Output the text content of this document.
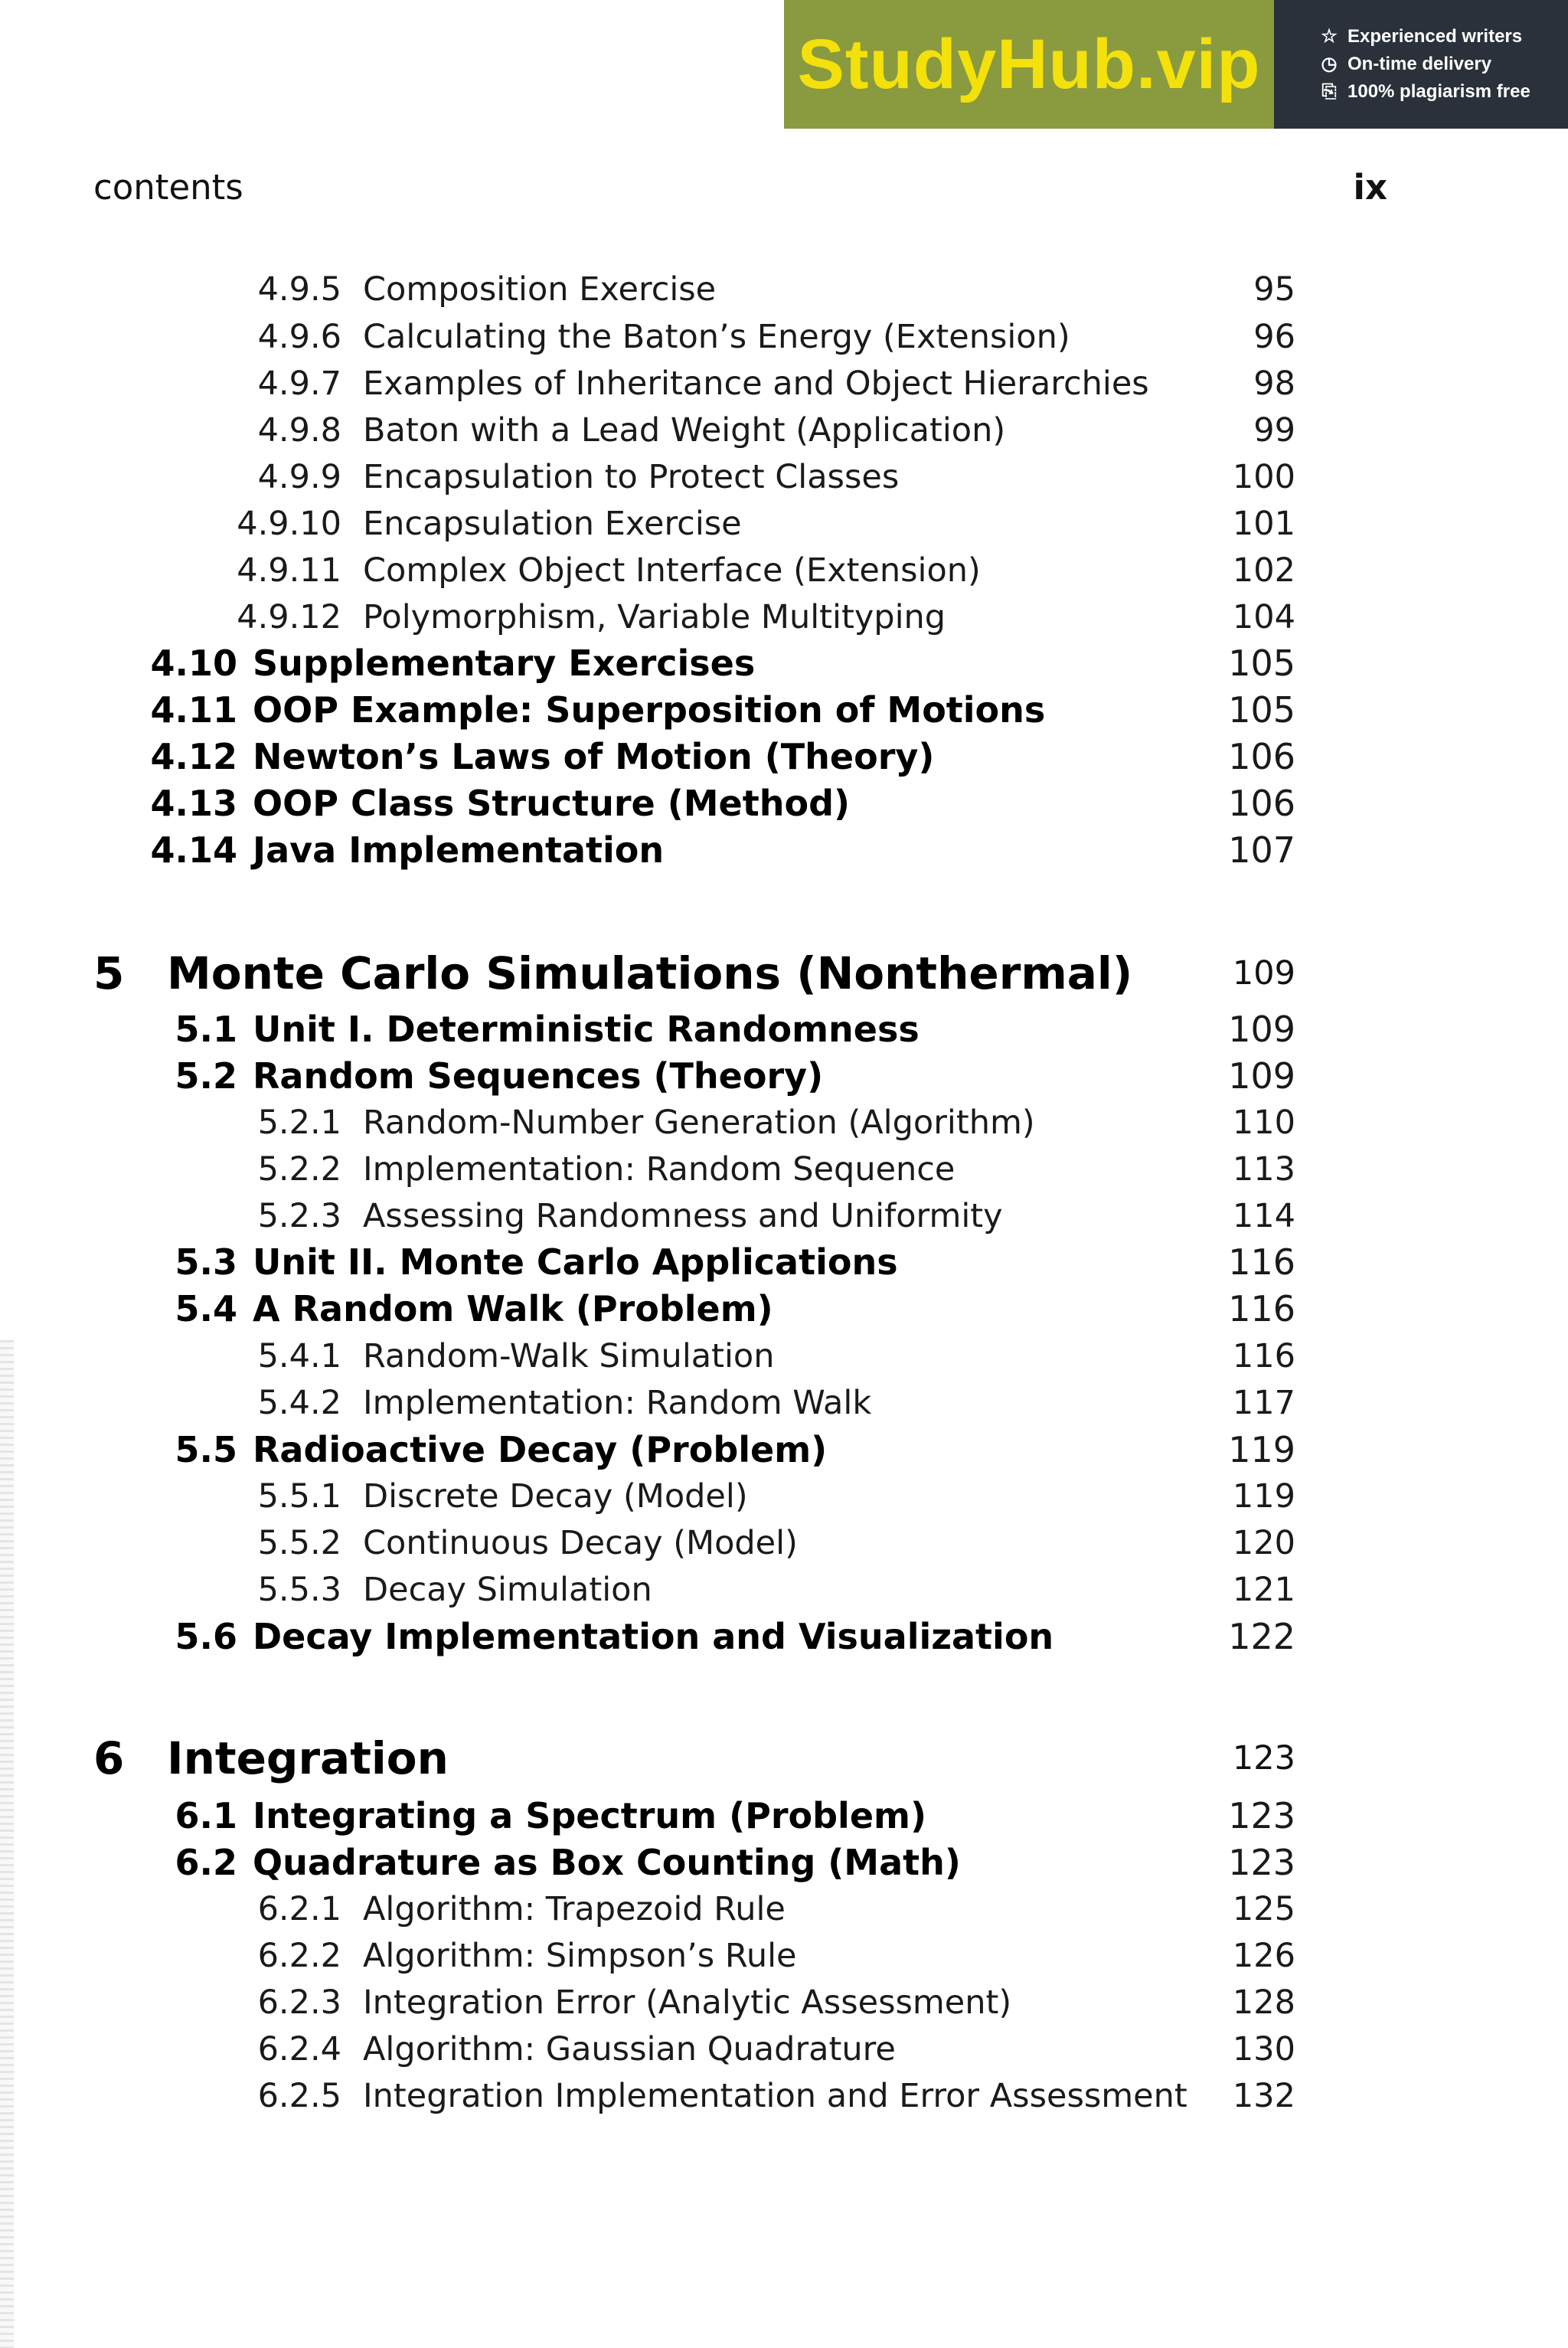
StudyHub.vip	☆ Experienced writers
◷ On-time delivery
⎘ 100% plagiarism free
contents	ix
4.9.5 Composition Exercise	95
4.9.6 Calculating the Baton’s Energy (Extension)	96
4.9.7 Examples of Inheritance and Object Hierarchies	98
4.9.8 Baton with a Lead Weight (Application)	99
4.9.9 Encapsulation to Protect Classes	100
4.9.10 Encapsulation Exercise	101
4.9.11 Complex Object Interface (Extension)	102
4.9.12 Polymorphism, Variable Multityping	104
4.10 Supplementary Exercises	105
4.11 OOP Example: Superposition of Motions	105
4.12 Newton’s Laws of Motion (Theory)	106
4.13 OOP Class Structure (Method)	106
4.14 Java Implementation	107
5 Monte Carlo Simulations (Nonthermal)	109
5.1 Unit I. Deterministic Randomness	109
5.2 Random Sequences (Theory)	109
5.2.1 Random-Number Generation (Algorithm)	110
5.2.2 Implementation: Random Sequence	113
5.2.3 Assessing Randomness and Uniformity	114
5.3 Unit II. Monte Carlo Applications	116
5.4 A Random Walk (Problem)	116
5.4.1 Random-Walk Simulation	116
5.4.2 Implementation: Random Walk	117
5.5 Radioactive Decay (Problem)	119
5.5.1 Discrete Decay (Model)	119
5.5.2 Continuous Decay (Model)	120
5.5.3 Decay Simulation	121
5.6 Decay Implementation and Visualization	122
6 Integration	123
6.1 Integrating a Spectrum (Problem)	123
6.2 Quadrature as Box Counting (Math)	123
6.2.1 Algorithm: Trapezoid Rule	125
6.2.2 Algorithm: Simpson’s Rule	126
6.2.3 Integration Error (Analytic Assessment)	128
6.2.4 Algorithm: Gaussian Quadrature	130
6.2.5 Integration Implementation and Error Assessment	132
